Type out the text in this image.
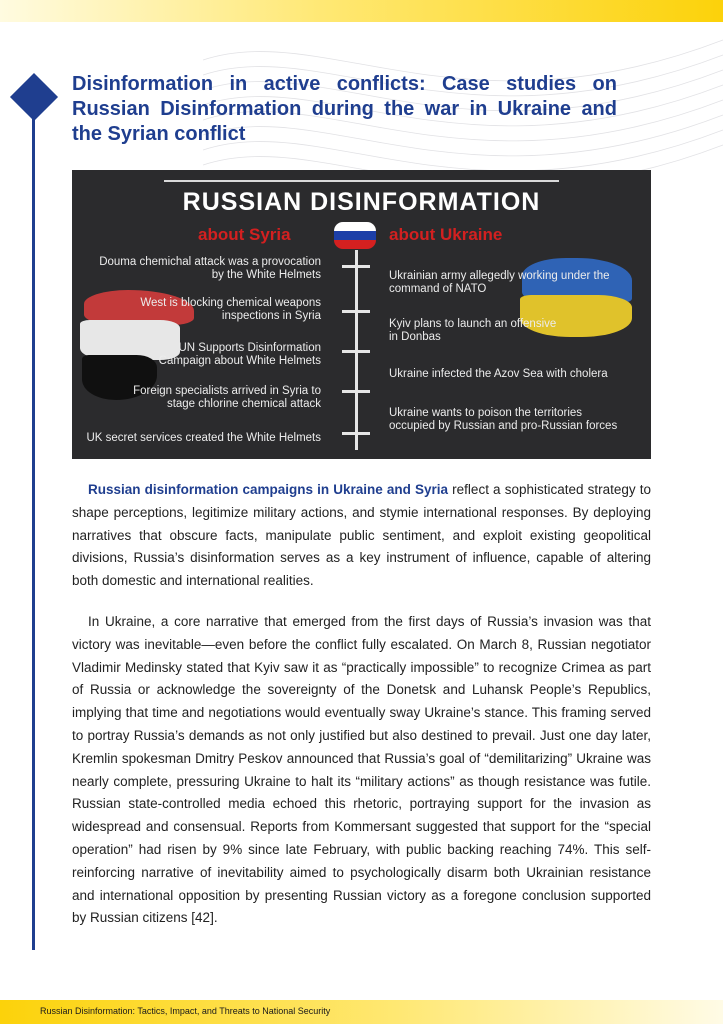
Disinformation in active conflicts: Case studies on Russian Disinformation during the war in Ukraine and the Syrian conflict
RUSSIAN DISINFORMATION
about Syria	about Ukraine
Douma chemichal attack was a provocation
by the White Helmets
West is blocking chemical weapons
inspections in Syria
UN Supports Disinformation
Campaign about White Helmets
Foreign specialists arrived in Syria to
stage chlorine chemical attack
UK secret services created the White Helmets
Ukrainian army allegedly working under the
command of NATO
Kyiv plans to launch an offensive
in Donbas
Ukraine infected the Azov Sea with cholera
Ukraine wants to poison the territories
occupied by Russian and pro-Russian forces

Russian disinformation campaigns in Ukraine and Syria reflect a sophisticated strategy to shape perceptions, legitimize military actions, and stymie international responses. By deploying narratives that obscure facts, manipulate public sentiment, and exploit existing geopolitical divisions, Russia’s disinformation serves as a key instrument of influence, capable of altering both domestic and international realities.

In Ukraine, a core narrative that emerged from the first days of Russia’s invasion was that victory was inevitable—even before the conflict fully escalated. On March 8, Russian negotiator Vladimir Medinsky stated that Kyiv saw it as “practically impossible” to recognize Crimea as part of Russia or acknowledge the sovereignty of the Donetsk and Luhansk People’s Republics, implying that time and negotiations would eventually sway Ukraine’s stance. This framing served to portray Russia’s demands as not only justified but also destined to prevail. Just one day later, Kremlin spokesman Dmitry Peskov announced that Russia’s goal of “demilitarizing” Ukraine was nearly complete, pressuring Ukraine to halt its “military actions” as though resistance was futile. Russian state-controlled media echoed this rhetoric, portraying support for the invasion as widespread and consensual. Reports from Kommersant suggested that support for the “special operation” had risen by 9% since late February, with public backing reaching 74%. This self-reinforcing narrative of inevitability aimed to psychologically disarm both Ukrainian resistance and international opposition by presenting Russian victory as a foregone conclusion supported by Russian citizens [42].

Russian Disinformation: Tactics, Impact, and Threats to National Security
